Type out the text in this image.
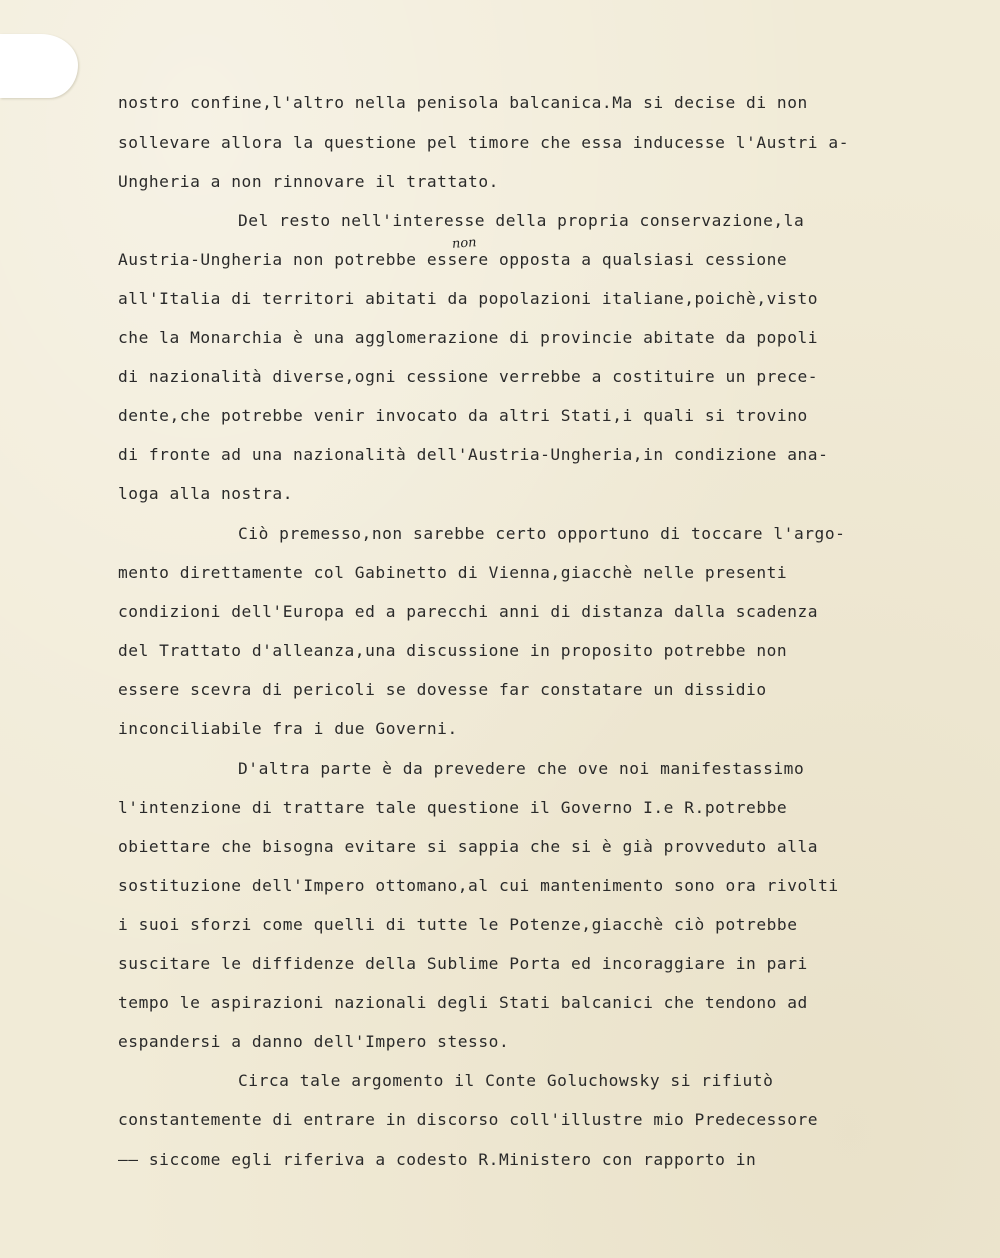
non

nostro confine,l'altro nella penisola balcanica.Ma si decise di non

sollevare allora la questione pel timore che essa inducesse l'Austri a-

Ungheria a non rinnovare il trattato.

Del resto nell'interesse della propria conservazione,la

Austria-Ungheria non potrebbe essere opposta a qualsiasi cessione

all'Italia di territori abitati da popolazioni italiane,poichè,visto

che la Monarchia è una agglomerazione di provincie abitate da popoli

di nazionalità diverse,ogni cessione verrebbe a costituire un prece-

dente,che potrebbe venir invocato da altri Stati,i quali si trovino

di fronte ad una nazionalità dell'Austria-Ungheria,in condizione ana-

loga alla nostra.

Ciò premesso,non sarebbe certo opportuno di toccare l'argo-

mento direttamente col Gabinetto di Vienna,giacchè nelle presenti

condizioni dell'Europa ed a parecchi anni di distanza dalla scadenza

del Trattato d'alleanza,una discussione in proposito potrebbe non

essere scevra di pericoli se dovesse far constatare un dissidio

inconciliabile fra i due Governi.

D'altra parte è da prevedere che ove noi manifestassimo

l'intenzione di trattare tale questione il Governo I.e R.potrebbe

obiettare che bisogna evitare si sappia che si è già provveduto alla

sostituzione dell'Impero ottomano,al cui mantenimento sono ora rivolti

i suoi sforzi come quelli di tutte le Potenze,giacchè ciò potrebbe

suscitare le diffidenze della Sublime Porta ed incoraggiare in pari

tempo le aspirazioni nazionali degli Stati balcanici che tendono ad

espandersi a danno dell'Impero stesso.

Circa tale argomento il Conte Goluchowsky si rifiutò

constantemente di entrare in discorso coll'illustre mio Predecessore

—— siccome egli riferiva a codesto R.Ministero con rapporto in
